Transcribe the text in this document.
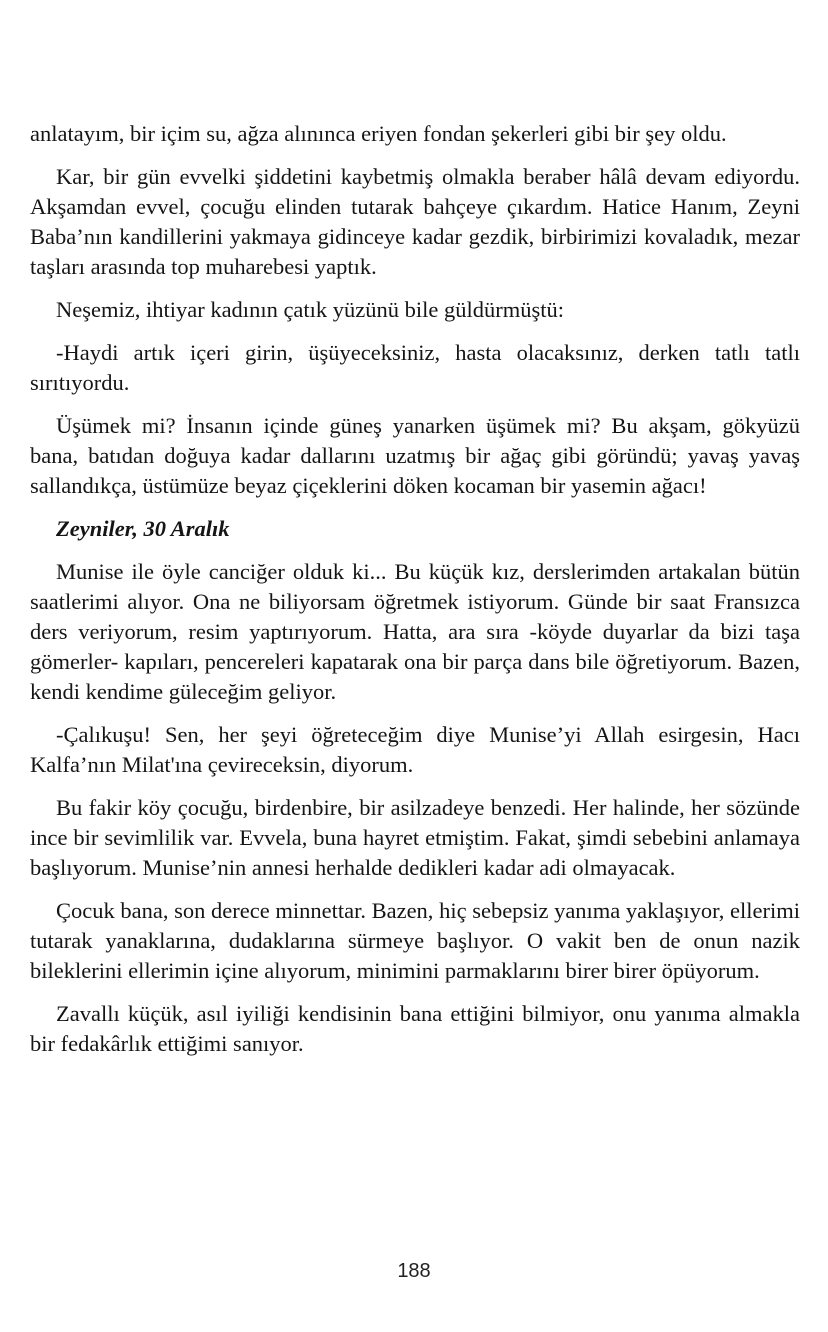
anlatayım, bir içim su, ağza alınınca eriyen fondan şekerleri gibi bir şey oldu.

Kar, bir gün evvelki şiddetini kaybetmiş olmakla beraber hâlâ devam ediyordu. Akşamdan evvel, çocuğu elinden tutarak bahçeye çıkardım. Hatice Hanım, Zeyni Baba’nın kandillerini yakmaya gidinceye kadar gezdik, birbirimizi kovaladık, mezar taşları arasında top muharebesi yaptık.

Neşemiz, ihtiyar kadının çatık yüzünü bile güldürmüştü:

-Haydi artık içeri girin, üşüyeceksiniz, hasta olacaksınız, derken tatlı tatlı sırıtıyordu.

Üşümek mi? İnsanın içinde güneş yanarken üşümek mi? Bu akşam, gökyüzü bana, batıdan doğuya kadar dallarını uzatmış bir ağaç gibi göründü; yavaş yavaş sallandıkça, üstümüze beyaz çiçeklerini döken kocaman bir yasemin ağacı!

Zeyniler, 30 Aralık

Munise ile öyle canciğer olduk ki... Bu küçük kız, derslerimden artakalan bütün saatlerimi alıyor. Ona ne biliyorsam öğretmek istiyorum. Günde bir saat Fransızca ders veriyorum, resim yaptırıyorum. Hatta, ara sıra -köyde duyarlar da bizi taşa gömerler- kapıları, pencereleri kapatarak ona bir parça dans bile öğretiyorum. Bazen, kendi kendime güleceğim geliyor.

-Çalıkuşu! Sen, her şeyi öğreteceğim diye Munise’yi Allah esirgesin, Hacı Kalfa’nın Milat'ına çevireceksin, diyorum.

Bu fakir köy çocuğu, birdenbire, bir asilzadeye benzedi. Her halinde, her sözünde ince bir sevimlilik var. Evvela, buna hayret etmiştim. Fakat, şimdi sebebini anlamaya başlıyorum. Munise’nin annesi herhalde dedikleri kadar adi olmayacak.

Çocuk bana, son derece minnettar. Bazen, hiç sebepsiz yanıma yaklaşıyor, ellerimi tutarak yanaklarına, dudaklarına sürmeye başlıyor. O vakit ben de onun nazik bileklerini ellerimin içine alıyorum, minimini parmaklarını birer birer öpüyorum.

Zavallı küçük, asıl iyiliği kendisinin bana ettiğini bilmiyor, onu yanıma almakla bir fedakârlık ettiğimi sanıyor.

188
